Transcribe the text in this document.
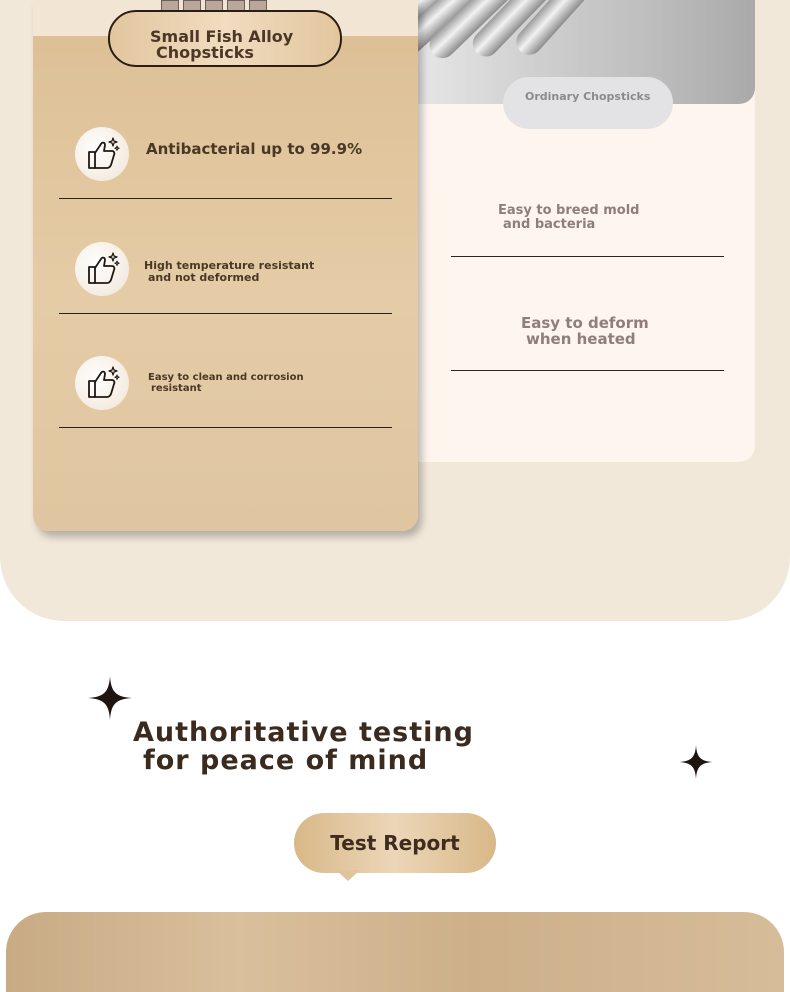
Ordinary Chopsticks
Easy to breed mold
and bacteria
Easy to deform
when heated
Small Fish Alloy
Chopsticks
Antibacterial up to 99.9%
High temperature resistant
and not deformed
Easy to clean and corrosion
resistant
Authoritative testing
for peace of mind
Test Report
